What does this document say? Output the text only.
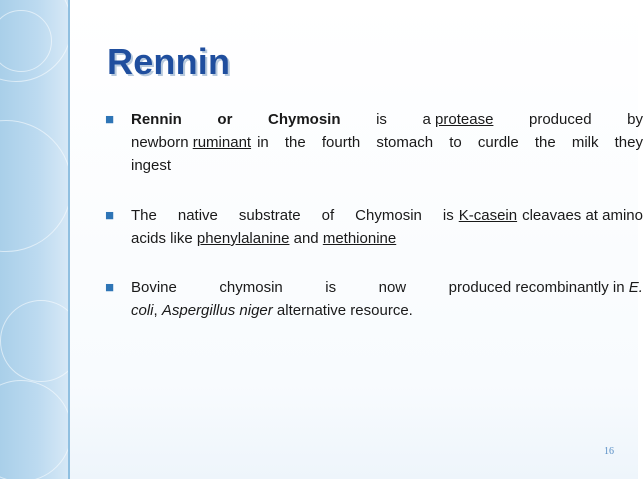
Rennin
■ Rennin or Chymosin is a protease produced by
newborn ruminant in the fourth stomach to curdle the milk they
ingest
■ The native substrate of Chymosin is K-casein cleavaes at amino
acids like phenylalanine and methionine
■ Bovine	chymosin	is	now	produced recombinantly in E.
coli, Aspergillus niger alternative resource.
16
